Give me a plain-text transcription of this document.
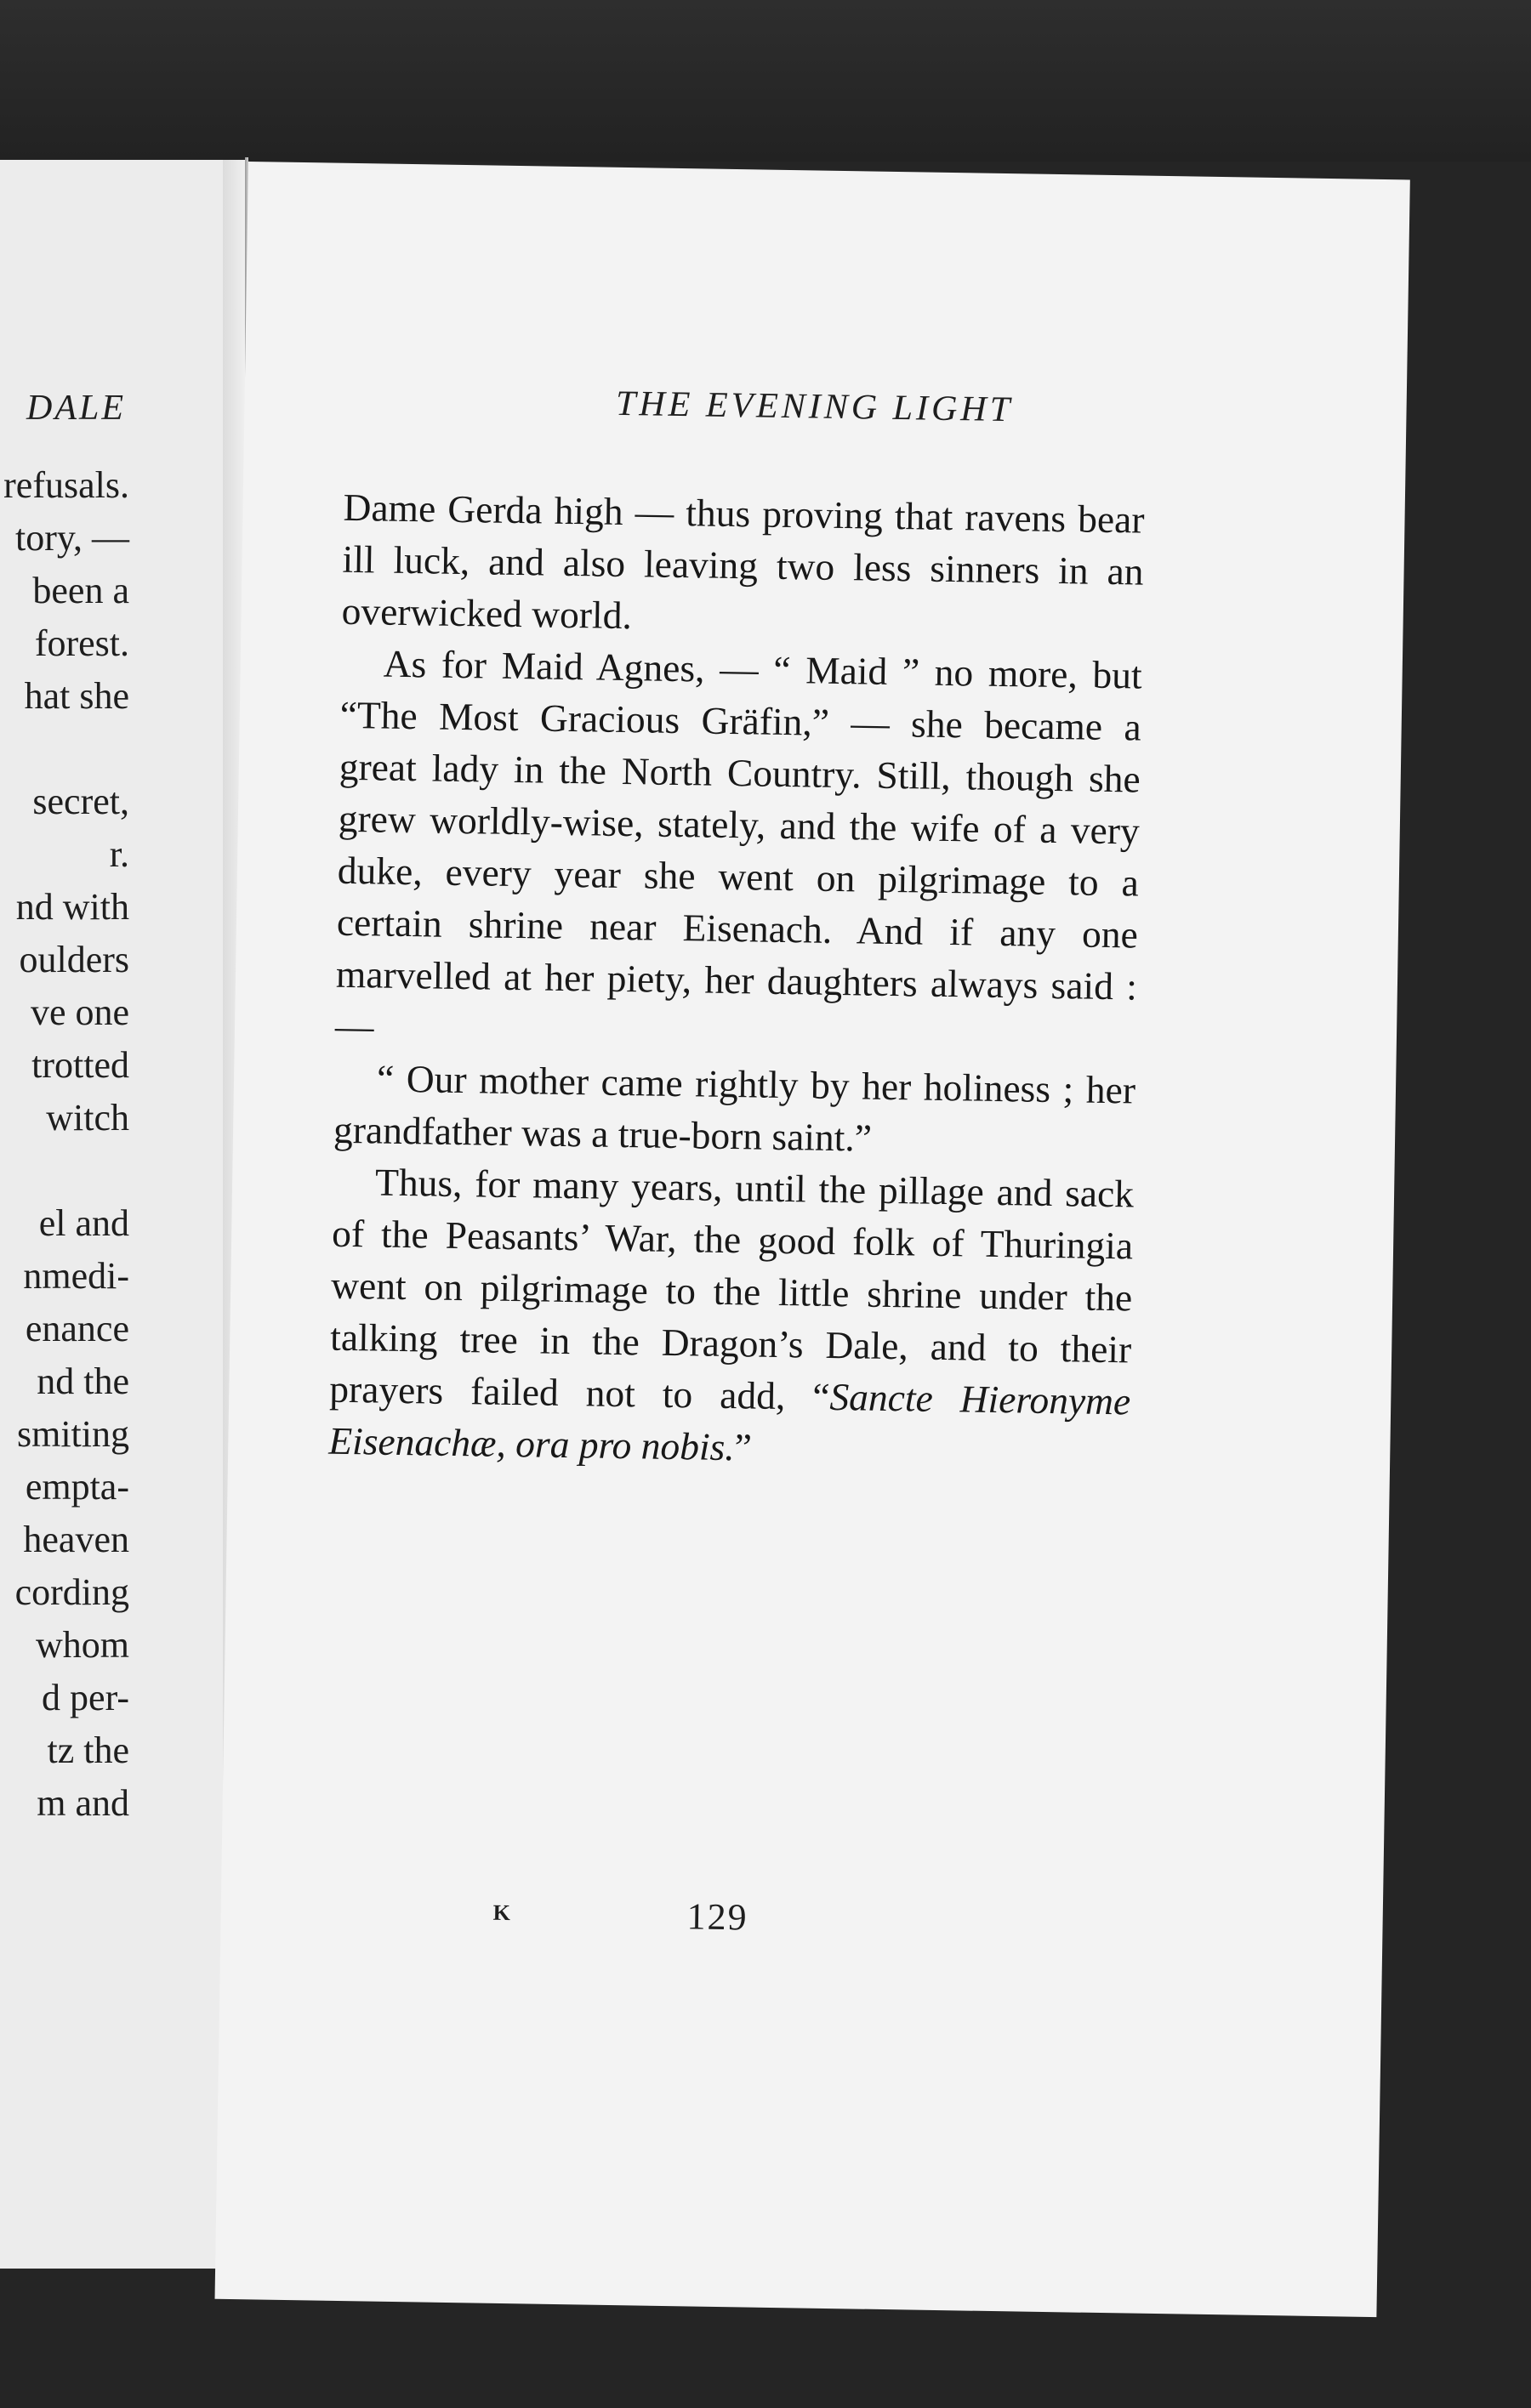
DALE
refusals.
tory, —
been a
forest.
hat she
secret,
r.
nd with
oulders
ve one
trotted
witch
el and
nmedi-
enance
nd the
smiting
empta-
heaven
cording
whom
d per-
tz the
m and
THE EVENING LIGHT

Dame Gerda high — thus proving that ravens bear ill luck, and also leaving two less sinners in an overwicked world.

As for Maid Agnes, — “ Maid ” no more, but “The Most Gracious Gräfin,” — she became a great lady in the North Country. Still, though she grew worldly-wise, stately, and the wife of a very duke, every year she went on pilgrimage to a certain shrine near Eisenach. And if any one marvelled at her piety, her daughters always said : —

“ Our mother came rightly by her holiness ; her grandfather was a true-born saint.”

Thus, for many years, until the pillage and sack of the Peasants’ War, the good folk of Thuringia went on pilgrimage to the little shrine under the talking tree in the Dragon’s Dale, and to their prayers failed not to add, “Sancte Hieronyme Eisenachæ, ora pro nobis.”

K	129
